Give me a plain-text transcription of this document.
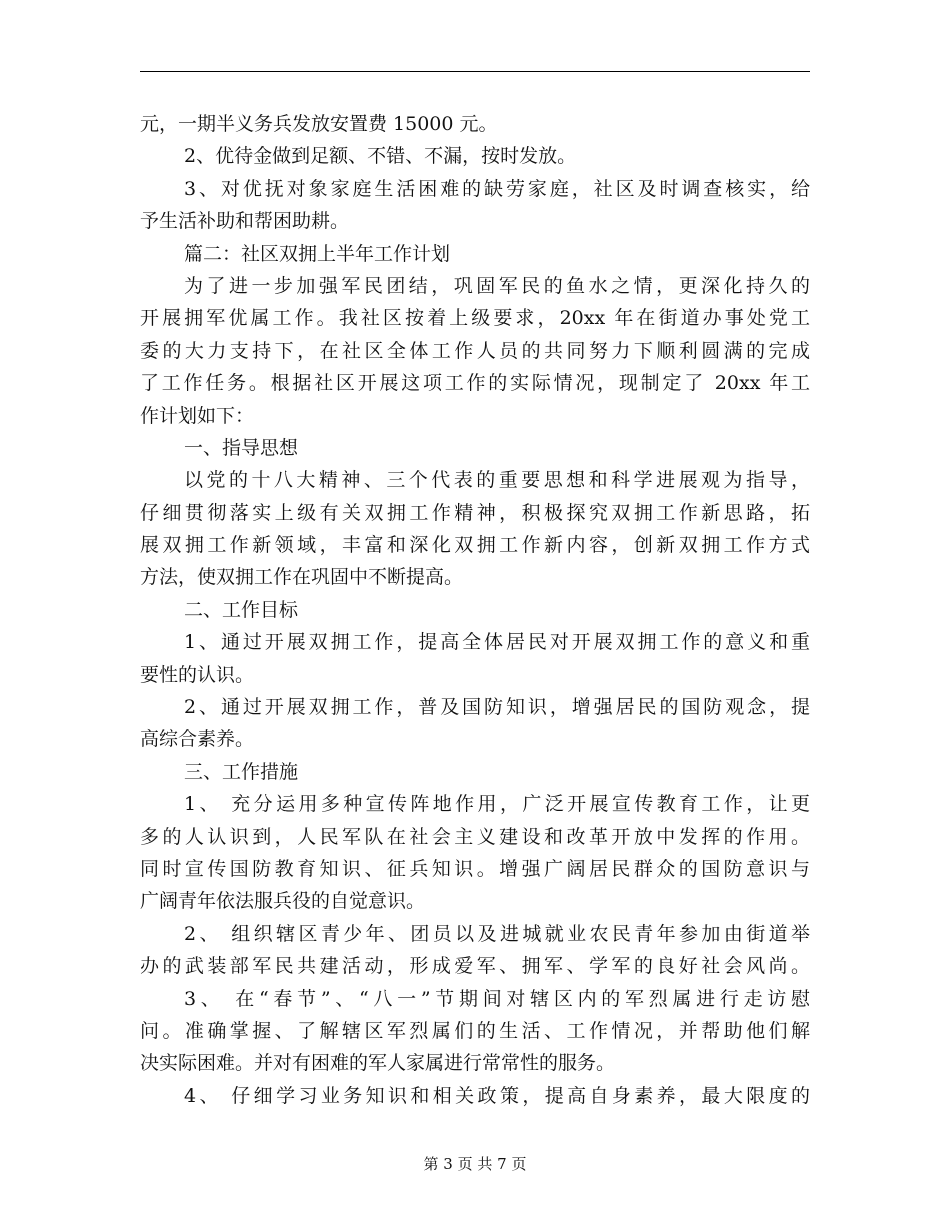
元，一期半义务兵发放安置费 15000 元。
2、优待金做到足额、不错、不漏，按时发放。
3、对优抚对象家庭生活困难的缺劳家庭，社区及时调查核实，给
予生活补助和帮困助耕。
篇二：社区双拥上半年工作计划
为了进一步加强军民团结，巩固军民的鱼水之情，更深化持久的
开展拥军优属工作。我社区按着上级要求，20xx 年在街道办事处党工
委的大力支持下，在社区全体工作人员的共同努力下顺利圆满的完成
了工作任务。根据社区开展这项工作的实际情况，现制定了 20xx 年工
作计划如下：
一、指导思想
以党的十八大精神、三个代表的重要思想和科学进展观为指导，
仔细贯彻落实上级有关双拥工作精神，积极探究双拥工作新思路，拓
展双拥工作新领域，丰富和深化双拥工作新内容，创新双拥工作方式
方法，使双拥工作在巩固中不断提高。
二、工作目标
1、通过开展双拥工作，提高全体居民对开展双拥工作的意义和重
要性的认识。
2、通过开展双拥工作，普及国防知识，增强居民的国防观念，提
高综合素养。
三、工作措施
1、 充分运用多种宣传阵地作用，广泛开展宣传教育工作，让更
多的人认识到，人民军队在社会主义建设和改革开放中发挥的作用。
同时宣传国防教育知识、征兵知识。增强广阔居民群众的国防意识与
广阔青年依法服兵役的自觉意识。
2、 组织辖区青少年、团员以及进城就业农民青年参加由街道举
办的武装部军民共建活动，形成爱军、拥军、学军的良好社会风尚。
3、 在“春节”、“八一”节期间对辖区内的军烈属进行走访慰
问。准确掌握、了解辖区军烈属们的生活、工作情况，并帮助他们解
决实际困难。并对有困难的军人家属进行常常性的服务。
4、 仔细学习业务知识和相关政策，提高自身素养，最大限度的
第 3 页 共 7 页
